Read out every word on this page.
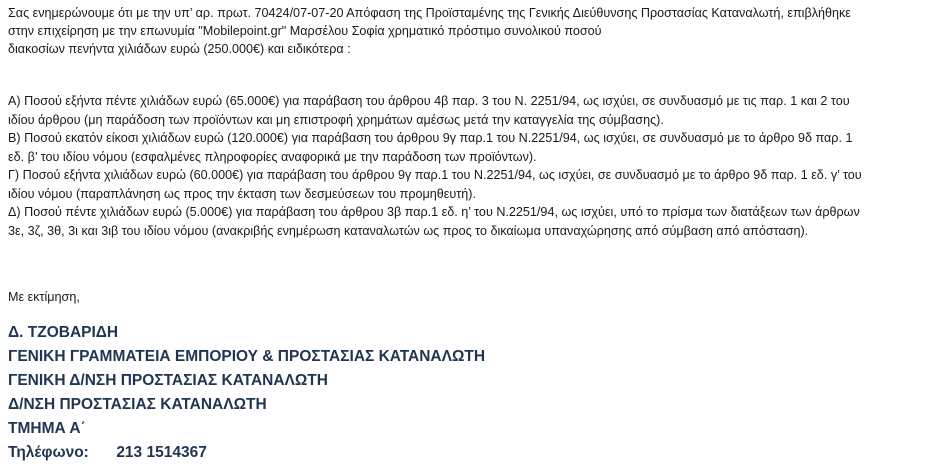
Σας ενημερώνουμε ότι με την υπ’ αρ. πρωτ. 70424/07-07-20 Απόφαση της Προϊσταμένης της Γενικής Διεύθυνσης Προστασίας Καταναλωτή, επιβλήθηκε
στην επιχείρηση με την επωνυμία "Mobilepoint.gr" Μαρσέλου Σοφία χρηματικό πρόστιμο συνολικού ποσού
διακοσίων πενήντα χιλιάδων ευρώ (250.000€) και ειδικότερα :
Α) Ποσού εξήντα πέντε χιλιάδων ευρώ (65.000€) για παράβαση του άρθρου 4β παρ. 3 του Ν. 2251/94, ως ισχύει, σε συνδυασμό με τις παρ. 1 και 2 του
ιδίου άρθρου (μη παράδοση των προϊόντων και μη επιστροφή χρημάτων αμέσως μετά την καταγγελία της σύμβασης).
Β) Ποσού εκατόν είκοσι χιλιάδων ευρώ (120.000€) για παράβαση του άρθρου 9γ παρ.1 του Ν.2251/94, ως ισχύει, σε συνδυασμό με το άρθρο 9δ παρ. 1
εδ. β’ του ιδίου νόμου (εσφαλμένες πληροφορίες αναφορικά με την παράδοση των προϊόντων).
Γ) Ποσού εξήντα χιλιάδων ευρώ (60.000€) για παράβαση του άρθρου 9γ παρ.1 του Ν.2251/94, ως ισχύει, σε συνδυασμό με το άρθρο 9δ παρ. 1 εδ. γ’ του
ιδίου νόμου (παραπλάνηση ως προς την έκταση των δεσμεύσεων του προμηθευτή).
Δ) Ποσού πέντε χιλιάδων ευρώ (5.000€) για παράβαση του άρθρου 3β παρ.1 εδ. η’ του Ν.2251/94, ως ισχύει, υπό το πρίσμα των διατάξεων των άρθρων
3ε, 3ζ, 3θ, 3ι και 3ιβ του ιδίου νόμου (ανακριβής ενημέρωση καταναλωτών ως προς το δικαίωμα υπαναχώρησης από σύμβαση από απόσταση).
Με εκτίμηση,
Δ. ΤΖΟΒΑΡΙΔΗ
ΓΕΝΙΚΗ ΓΡΑΜΜΑΤΕΙΑ ΕΜΠΟΡΙΟΥ & ΠΡΟΣΤΑΣΙΑΣ ΚΑΤΑΝΑΛΩΤΗ
ΓΕΝΙΚΗ Δ/ΝΣΗ ΠΡΟΣΤΑΣΙΑΣ ΚΑΤΑΝΑΛΩΤΗ
Δ/ΝΣΗ ΠΡΟΣΤΑΣΙΑΣ ΚΑΤΑΝΑΛΩΤΗ
ΤΜΗΜΑ Α΄
Τηλέφωνο: 213 1514367
